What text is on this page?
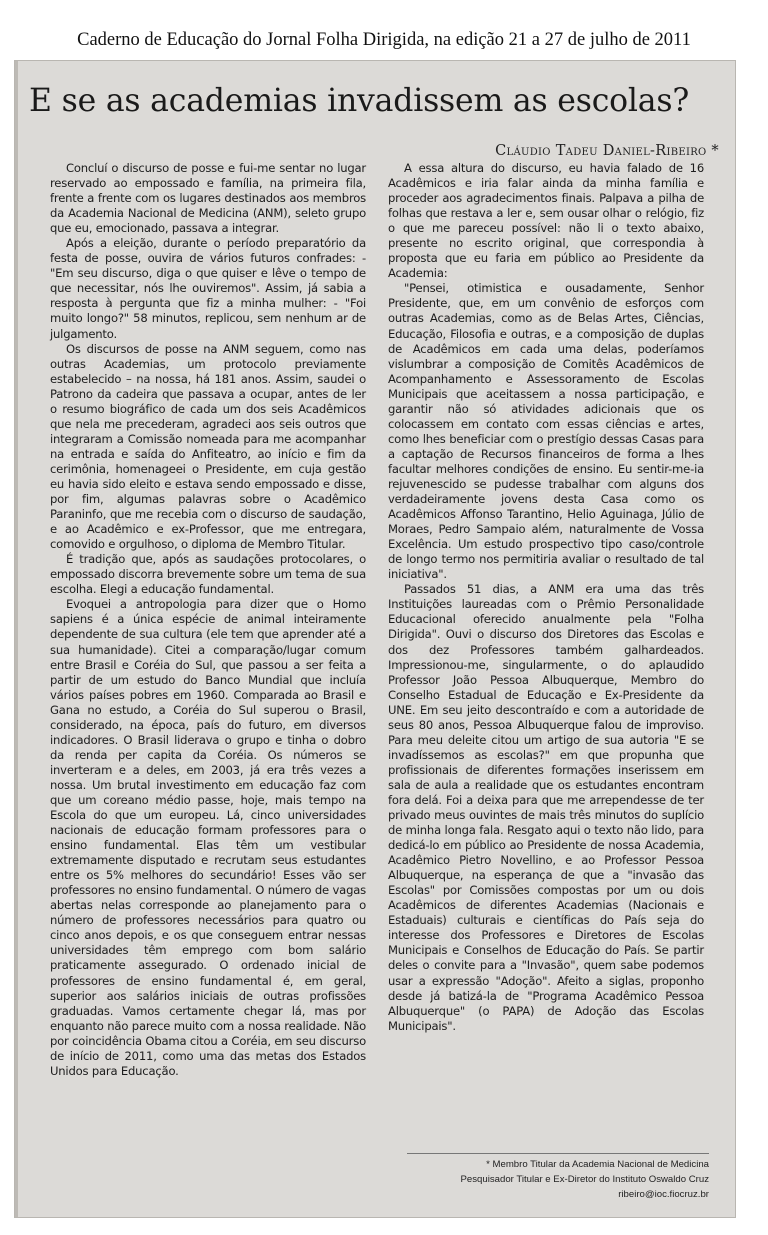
Caderno de Educação do Jornal Folha Dirigida, na edição 21 a 27 de julho de 2011
E se as academias invadissem as escolas?
Cláudio Tadeu Daniel-Ribeiro *

Concluí o discurso de posse e fui-me sentar no lugar reservado ao empossado e família, na primeira fila, frente a frente com os lugares destinados aos membros da Academia Nacional de Medicina (ANM), seleto grupo que eu, emocionado, passava a integrar.

Após a eleição, durante o período preparatório da festa de posse, ouvira de vários futuros confrades: - "Em seu discurso, diga o que quiser e lêve o tempo de que necessitar, nós lhe ouviremos". Assim, já sabia a resposta à pergunta que fiz a minha mulher: - "Foi muito longo?" 58 minutos, replicou, sem nenhum ar de julgamento.

Os discursos de posse na ANM seguem, como nas outras Academias, um protocolo previamente estabelecido – na nossa, há 181 anos. Assim, saudei o Patrono da cadeira que passava a ocupar, antes de ler o resumo biográfico de cada um dos seis Acadêmicos que nela me precederam, agradeci aos seis outros que integraram a Comissão nomeada para me acompanhar na entrada e saída do Anfiteatro, ao início e fim da cerimônia, homenageei o Presidente, em cuja gestão eu havia sido eleito e estava sendo empossado e disse, por fim, algumas palavras sobre o Acadêmico Paraninfo, que me recebia com o discurso de saudação, e ao Acadêmico e ex-Professor, que me entregara, comovido e orgulhoso, o diploma de Membro Titular.

É tradição que, após as saudações protocolares, o empossado discorra brevemente sobre um tema de sua escolha. Elegi a educação fundamental.

Evoquei a antropologia para dizer que o Homo sapiens é a única espécie de animal inteiramente dependente de sua cultura (ele tem que aprender até a sua humanidade). Citei a comparação/lugar comum entre Brasil e Coréia do Sul, que passou a ser feita a partir de um estudo do Banco Mundial que incluía vários países pobres em 1960. Comparada ao Brasil e Gana no estudo, a Coréia do Sul superou o Brasil, considerado, na época, país do futuro, em diversos indicadores. O Brasil liderava o grupo e tinha o dobro da renda per capita da Coréia. Os números se inverteram e a deles, em 2003, já era três vezes a nossa. Um brutal investimento em educação faz com que um coreano médio passe, hoje, mais tempo na Escola do que um europeu. Lá, cinco universidades nacionais de educação formam professores para o ensino fundamental. Elas têm um vestibular extremamente disputado e recrutam seus estudantes entre os 5% melhores do secundário! Esses vão ser professores no ensino fundamental. O número de vagas abertas nelas corresponde ao planejamento para o número de professores necessários para quatro ou cinco anos depois, e os que conseguem entrar nessas universidades têm emprego com bom salário praticamente assegurado. O ordenado inicial de professores de ensino fundamental é, em geral, superior aos salários iniciais de outras profissões graduadas. Vamos certamente chegar lá, mas por enquanto não parece muito com a nossa realidade. Não por coincidência Obama citou a Coréia, em seu discurso de início de 2011, como uma das metas dos Estados Unidos para Educação.

A essa altura do discurso, eu havia falado de 16 Acadêmicos e iria falar ainda da minha família e proceder aos agradecimentos finais. Palpava a pilha de folhas que restava a ler e, sem ousar olhar o relógio, fiz o que me pareceu possível: não li o texto abaixo, presente no escrito original, que correspondia à proposta que eu faria em público ao Presidente da Academia:

"Pensei, otimistica e ousadamente, Senhor Presidente, que, em um convênio de esforços com outras Academias, como as de Belas Artes, Ciências, Educação, Filosofia e outras, e a composição de duplas de Acadêmicos em cada uma delas, poderíamos vislumbrar a composição de Comitês Acadêmicos de Acompanhamento e Assessoramento de Escolas Municipais que aceitassem a nossa participação, e garantir não só atividades adicionais que os colocassem em contato com essas ciências e artes, como lhes beneficiar com o prestígio dessas Casas para a captação de Recursos financeiros de forma a lhes facultar melhores condições de ensino. Eu sentir-me-ia rejuvenescido se pudesse trabalhar com alguns dos verdadeiramente jovens desta Casa como os Acadêmicos Affonso Tarantino, Helio Aguinaga, Júlio de Moraes, Pedro Sampaio além, naturalmente de Vossa Excelência. Um estudo prospectivo tipo caso/controle de longo termo nos permitiria avaliar o resultado de tal iniciativa".

Passados 51 dias, a ANM era uma das três Instituições laureadas com o Prêmio Personalidade Educacional oferecido anualmente pela "Folha Dirigida". Ouvi o discurso dos Diretores das Escolas e dos dez Professores também galhardeados. Impressionou-me, singularmente, o do aplaudido Professor João Pessoa Albuquerque, Membro do Conselho Estadual de Educação e Ex-Presidente da UNE. Em seu jeito descontraído e com a autoridade de seus 80 anos, Pessoa Albuquerque falou de improviso. Para meu deleite citou um artigo de sua autoria "E se invadíssemos as escolas?" em que propunha que profissionais de diferentes formações inserissem em sala de aula a realidade que os estudantes encontram fora delá. Foi a deixa para que me arrependesse de ter privado meus ouvintes de mais três minutos do suplício de minha longa fala. Resgato aqui o texto não lido, para dedicá-lo em público ao Presidente de nossa Academia, Acadêmico Pietro Novellino, e ao Professor Pessoa Albuquerque, na esperança de que a "invasão das Escolas" por Comissões compostas por um ou dois Acadêmicos de diferentes Academias (Nacionais e Estaduais) culturais e científicas do País seja do interesse dos Professores e Diretores de Escolas Municipais e Conselhos de Educação do País. Se partir deles o convite para a "Invasão", quem sabe podemos usar a expressão "Adoção". Afeito a siglas, proponho desde já batizá-la de "Programa Acadêmico Pessoa Albuquerque" (o PAPA) de Adoção das Escolas Municipais".

* Membro Titular da Academia Nacional de Medicina
Pesquisador Titular e Ex-Diretor do Instituto Oswaldo Cruz
ribeiro@ioc.fiocruz.br
